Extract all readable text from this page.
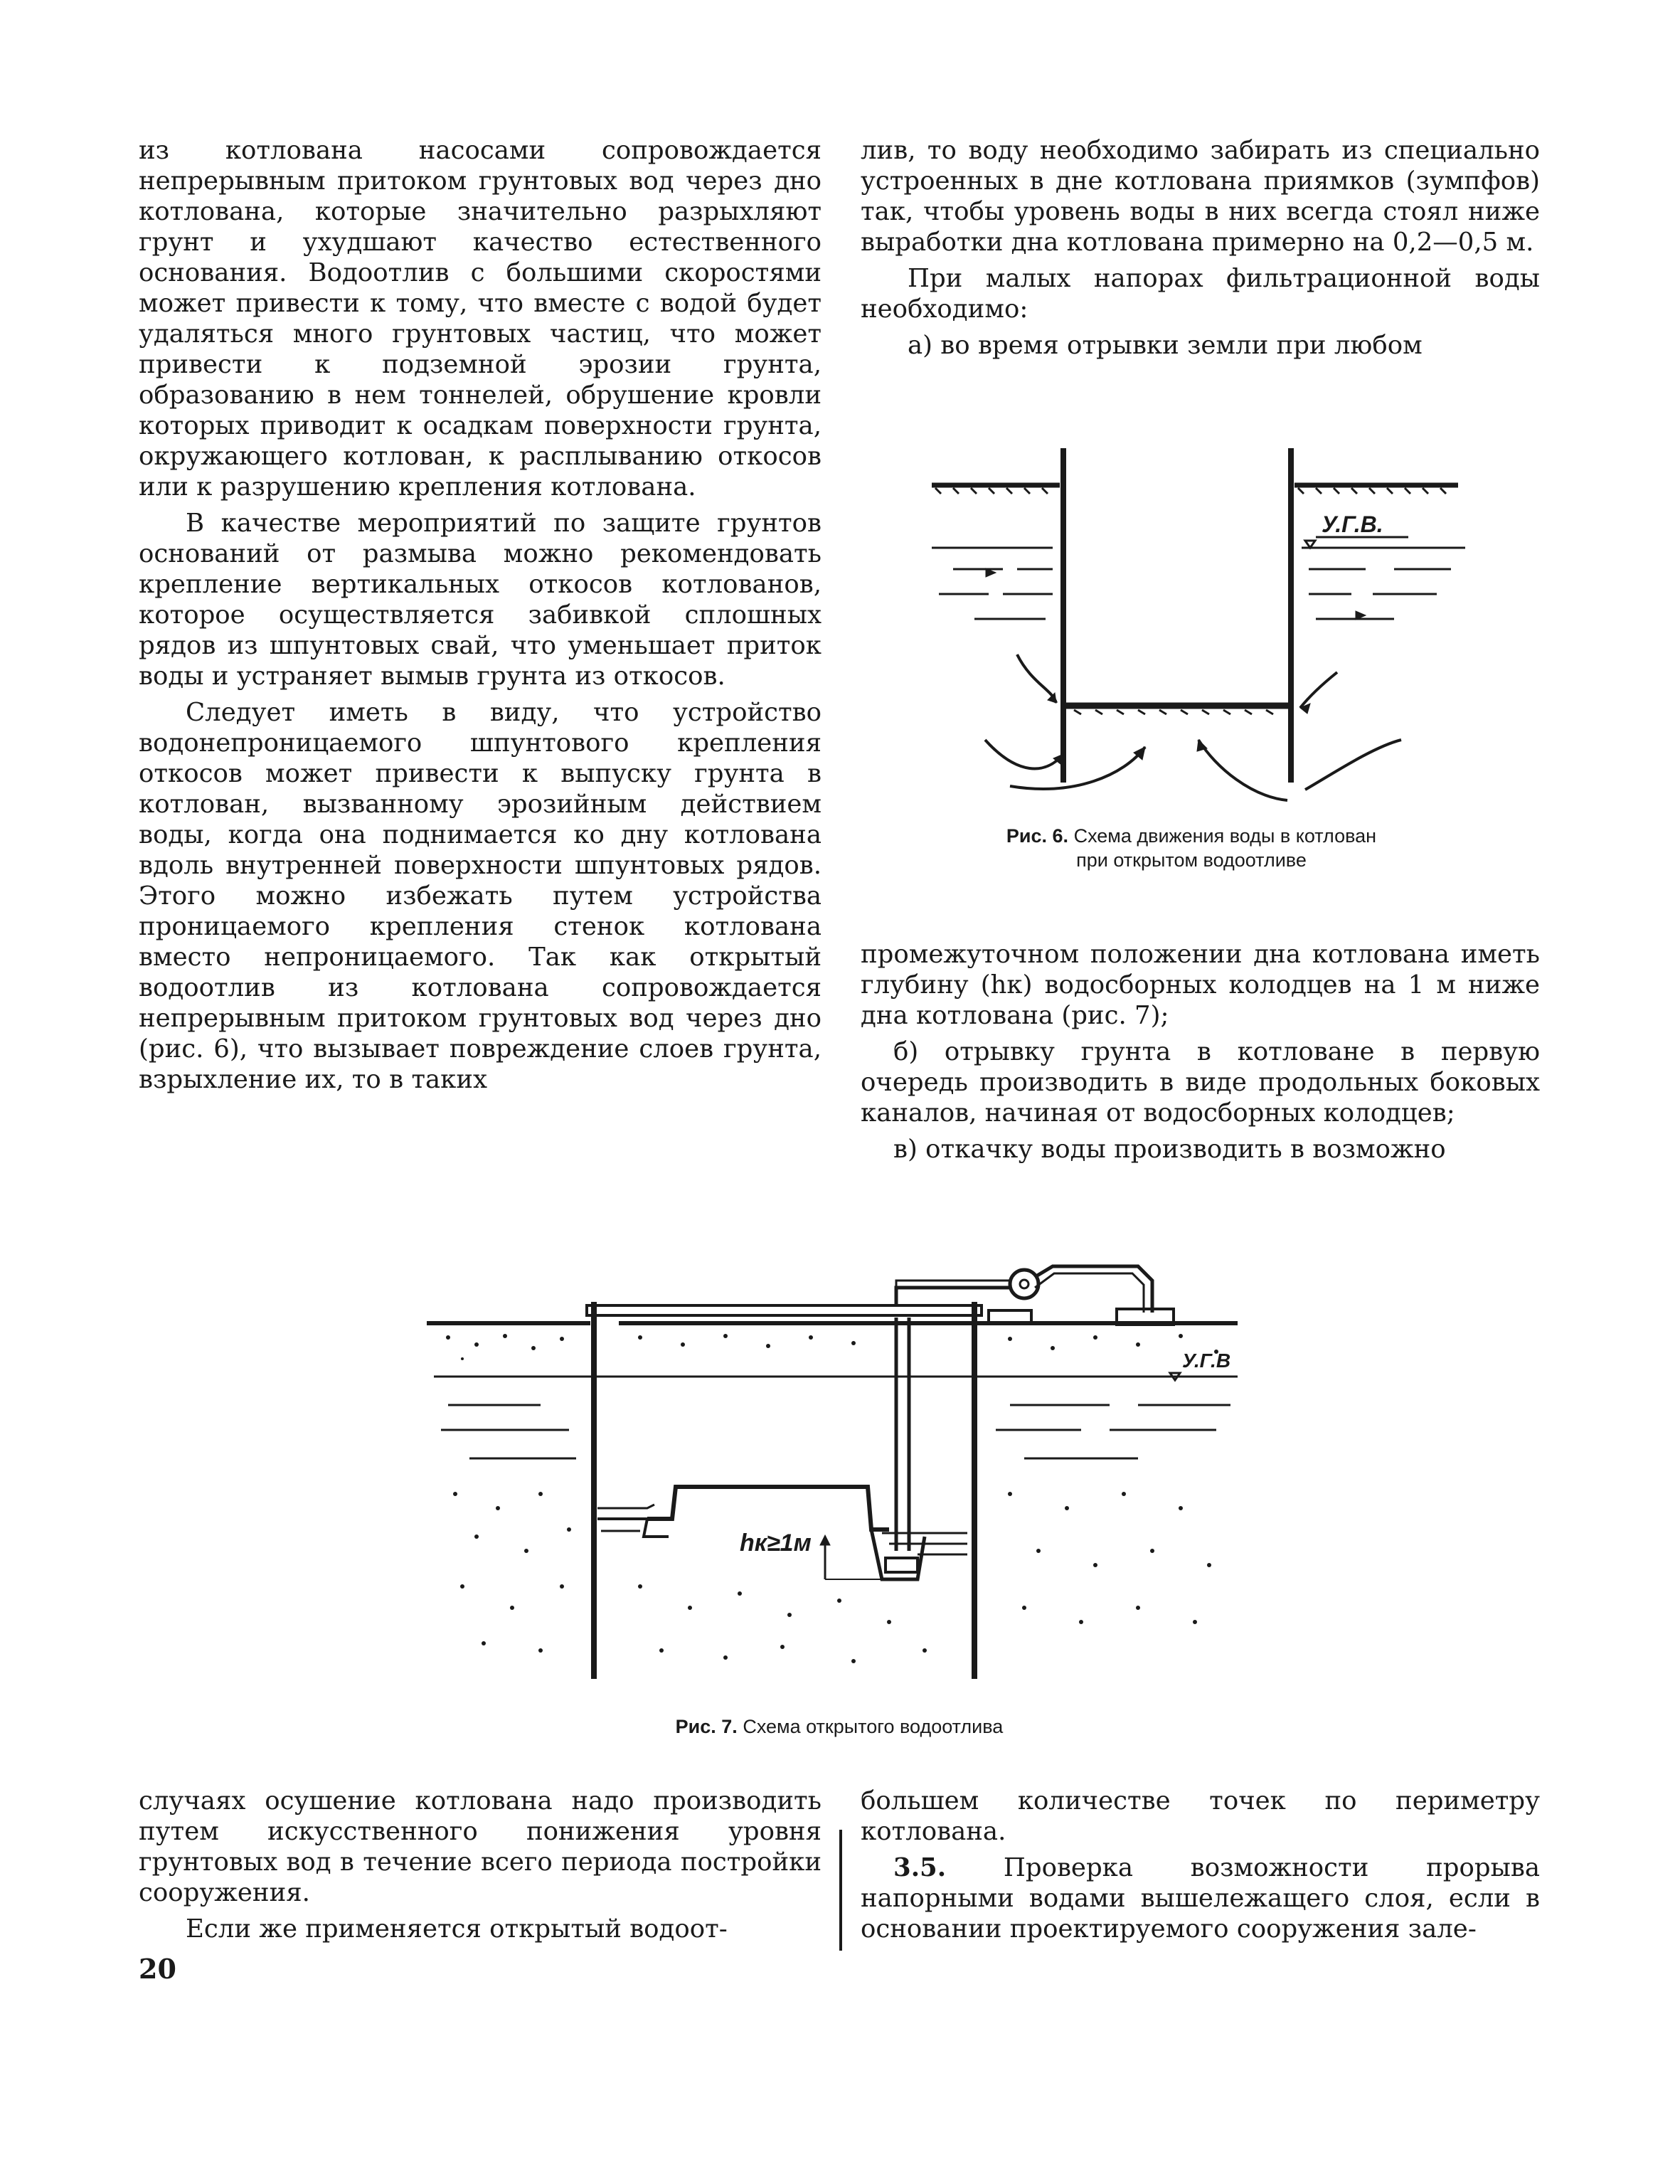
из котлована насосами сопровождается непрерывным притоком грунтовых вод через дно котлована, которые значительно разрыхляют грунт и ухудшают качество естественного основания. Водоотлив с большими скоростями может привести к тому, что вместе с водой будет удаляться много грунтовых частиц, что может привести к подземной эрозии грунта, образованию в нем тоннелей, обрушение кровли которых приводит к осадкам поверхности грунта, окружающего котлован, к расплыванию откосов или к разрушению крепления котлована.

В качестве мероприятий по защите грунтов оснований от размыва можно рекомендовать крепление вертикальных откосов котлованов, которое осуществляется забивкой сплошных рядов из шпунтовых свай, что уменьшает приток воды и устраняет вымыв грунта из откосов.

Следует иметь в виду, что устройство водонепроницаемого шпунтового крепления откосов может привести к выпуску грунта в котлован, вызванному эрозийным действием воды, когда она поднимается ко дну котлована вдоль внутренней поверхности шпунтовых рядов. Этого можно избежать путем устройства проницаемого крепления стенок котлована вместо непроницаемого. Так как открытый водоотлив из котлована сопровождается непрерывным притоком грунтовых вод через дно (рис. 6), что вызывает повреждение слоев грунта, взрыхление их, то в таких

лив, то воду необходимо забирать из специально устроенных в дне котлована приямков (зумпфов) так, чтобы уровень воды в них всегда стоял ниже выработки дна котлована примерно на 0,2—0,5 м.

При малых напорах фильтрационной воды необходимо:

а) во время отрывки земли при любом

У.Г.В.
Рис. 6. Схема движения воды в котлован
при открытом водоотливе

промежуточном положении дна котлована иметь глубину (hк) водосборных колодцев на 1 м ниже дна котлована (рис. 7);

б) отрывку грунта в котловане в первую очередь производить в виде продольных боковых каналов, начиная от водосборных колодцев;

в) откачку воды производить в возможно

У.Г.В
hк≥1м
Рис. 7. Схема открытого водоотлива

случаях осушение котлована надо производить путем искусственного понижения уровня грунтовых вод в течение всего периода постройки сооружения.

Если же применяется открытый водоот-

большем количестве точек по периметру котлована.

3.5. Проверка возможности прорыва напорными водами вышележащего слоя, если в основании проектируемого сооружения зале-

20
